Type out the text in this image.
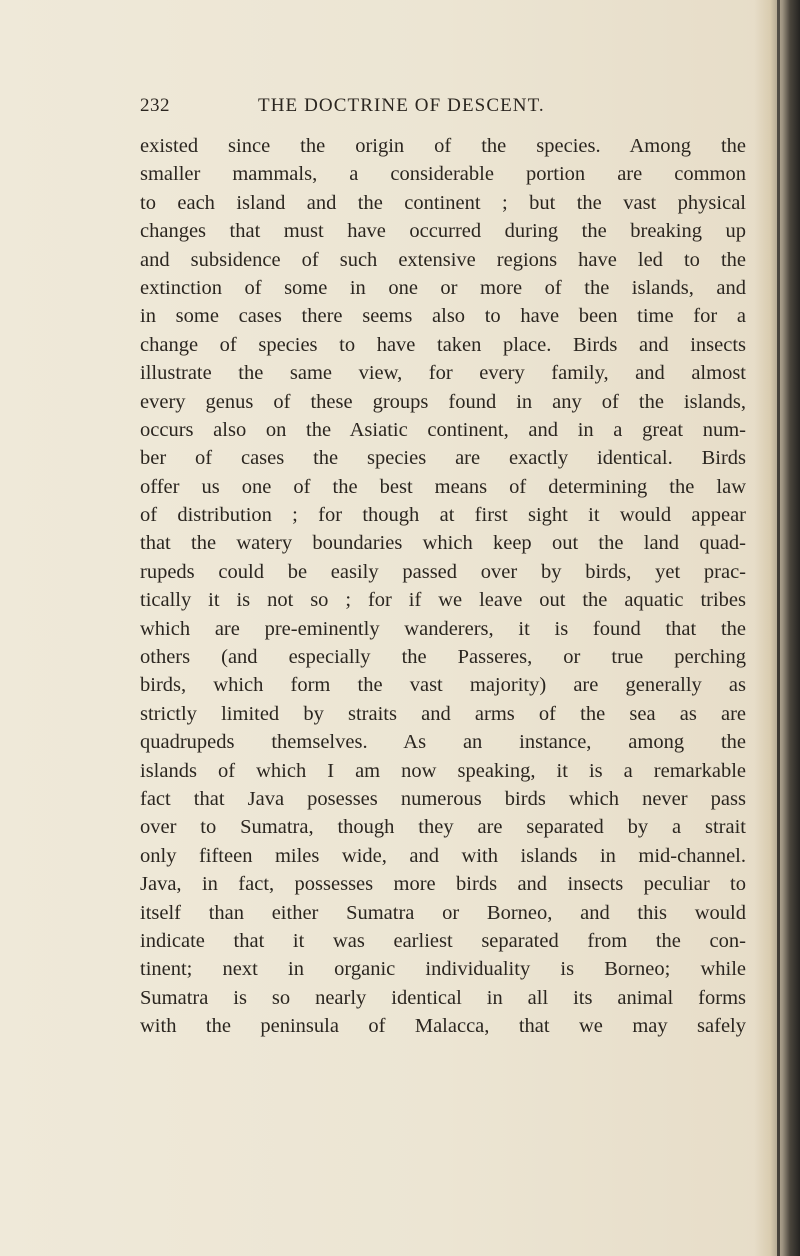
232	THE DOCTRINE OF DESCENT.
existed since the origin of the species. Among the
smaller mammals, a considerable portion are common
to each island and the continent ; but the vast physical
changes that must have occurred during the breaking up
and subsidence of such extensive regions have led to the
extinction of some in one or more of the islands, and
in some cases there seems also to have been time for a
change of species to have taken place. Birds and insects
illustrate the same view, for every family, and almost
every genus of these groups found in any of the islands,
occurs also on the Asiatic continent, and in a great num-
ber of cases the species are exactly identical. Birds
offer us one of the best means of determining the law
of distribution ; for though at first sight it would appear
that the watery boundaries which keep out the land quad-
rupeds could be easily passed over by birds, yet prac-
tically it is not so ; for if we leave out the aquatic tribes
which are pre-eminently wanderers, it is found that the
others (and especially the Passeres, or true perching
birds, which form the vast majority) are generally as
strictly limited by straits and arms of the sea as are
quadrupeds themselves. As an instance, among the
islands of which I am now speaking, it is a remarkable
fact that Java posesses numerous birds which never pass
over to Sumatra, though they are separated by a strait
only fifteen miles wide, and with islands in mid-channel.
Java, in fact, possesses more birds and insects peculiar to
itself than either Sumatra or Borneo, and this would
indicate that it was earliest separated from the con-
tinent; next in organic individuality is Borneo; while
Sumatra is so nearly identical in all its animal forms
with the peninsula of Malacca, that we may safely
